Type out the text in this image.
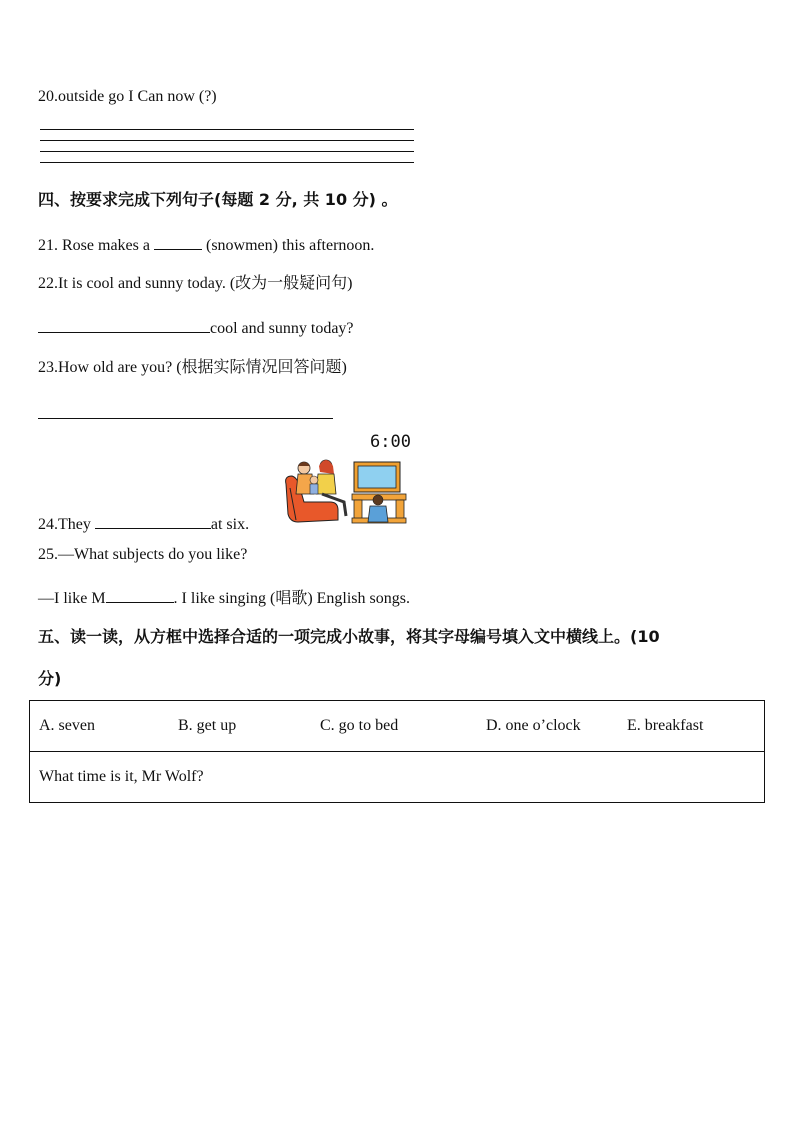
20.outside go I Can now (?)
四、按要求完成下列句子(每题 2 分, 共 10 分) 。
21. Rose makes a	(snowmen) this afternoon.
22.It is cool and sunny today. (改为一般疑问句)
cool and sunny today?
23.How old are you? (根据实际情况回答问题)
6:00
24.They	at six.
25.—What subjects do you like?
—I like M	. I like singing (唱歌) English songs.
五、读一读，从方框中选择合适的一项完成小故事，将其字母编号填入文中横线上。(10
分)
A. seven	B. get up	C. go to bed	D. one o’clock	E. breakfast
What time is it, Mr Wolf?
